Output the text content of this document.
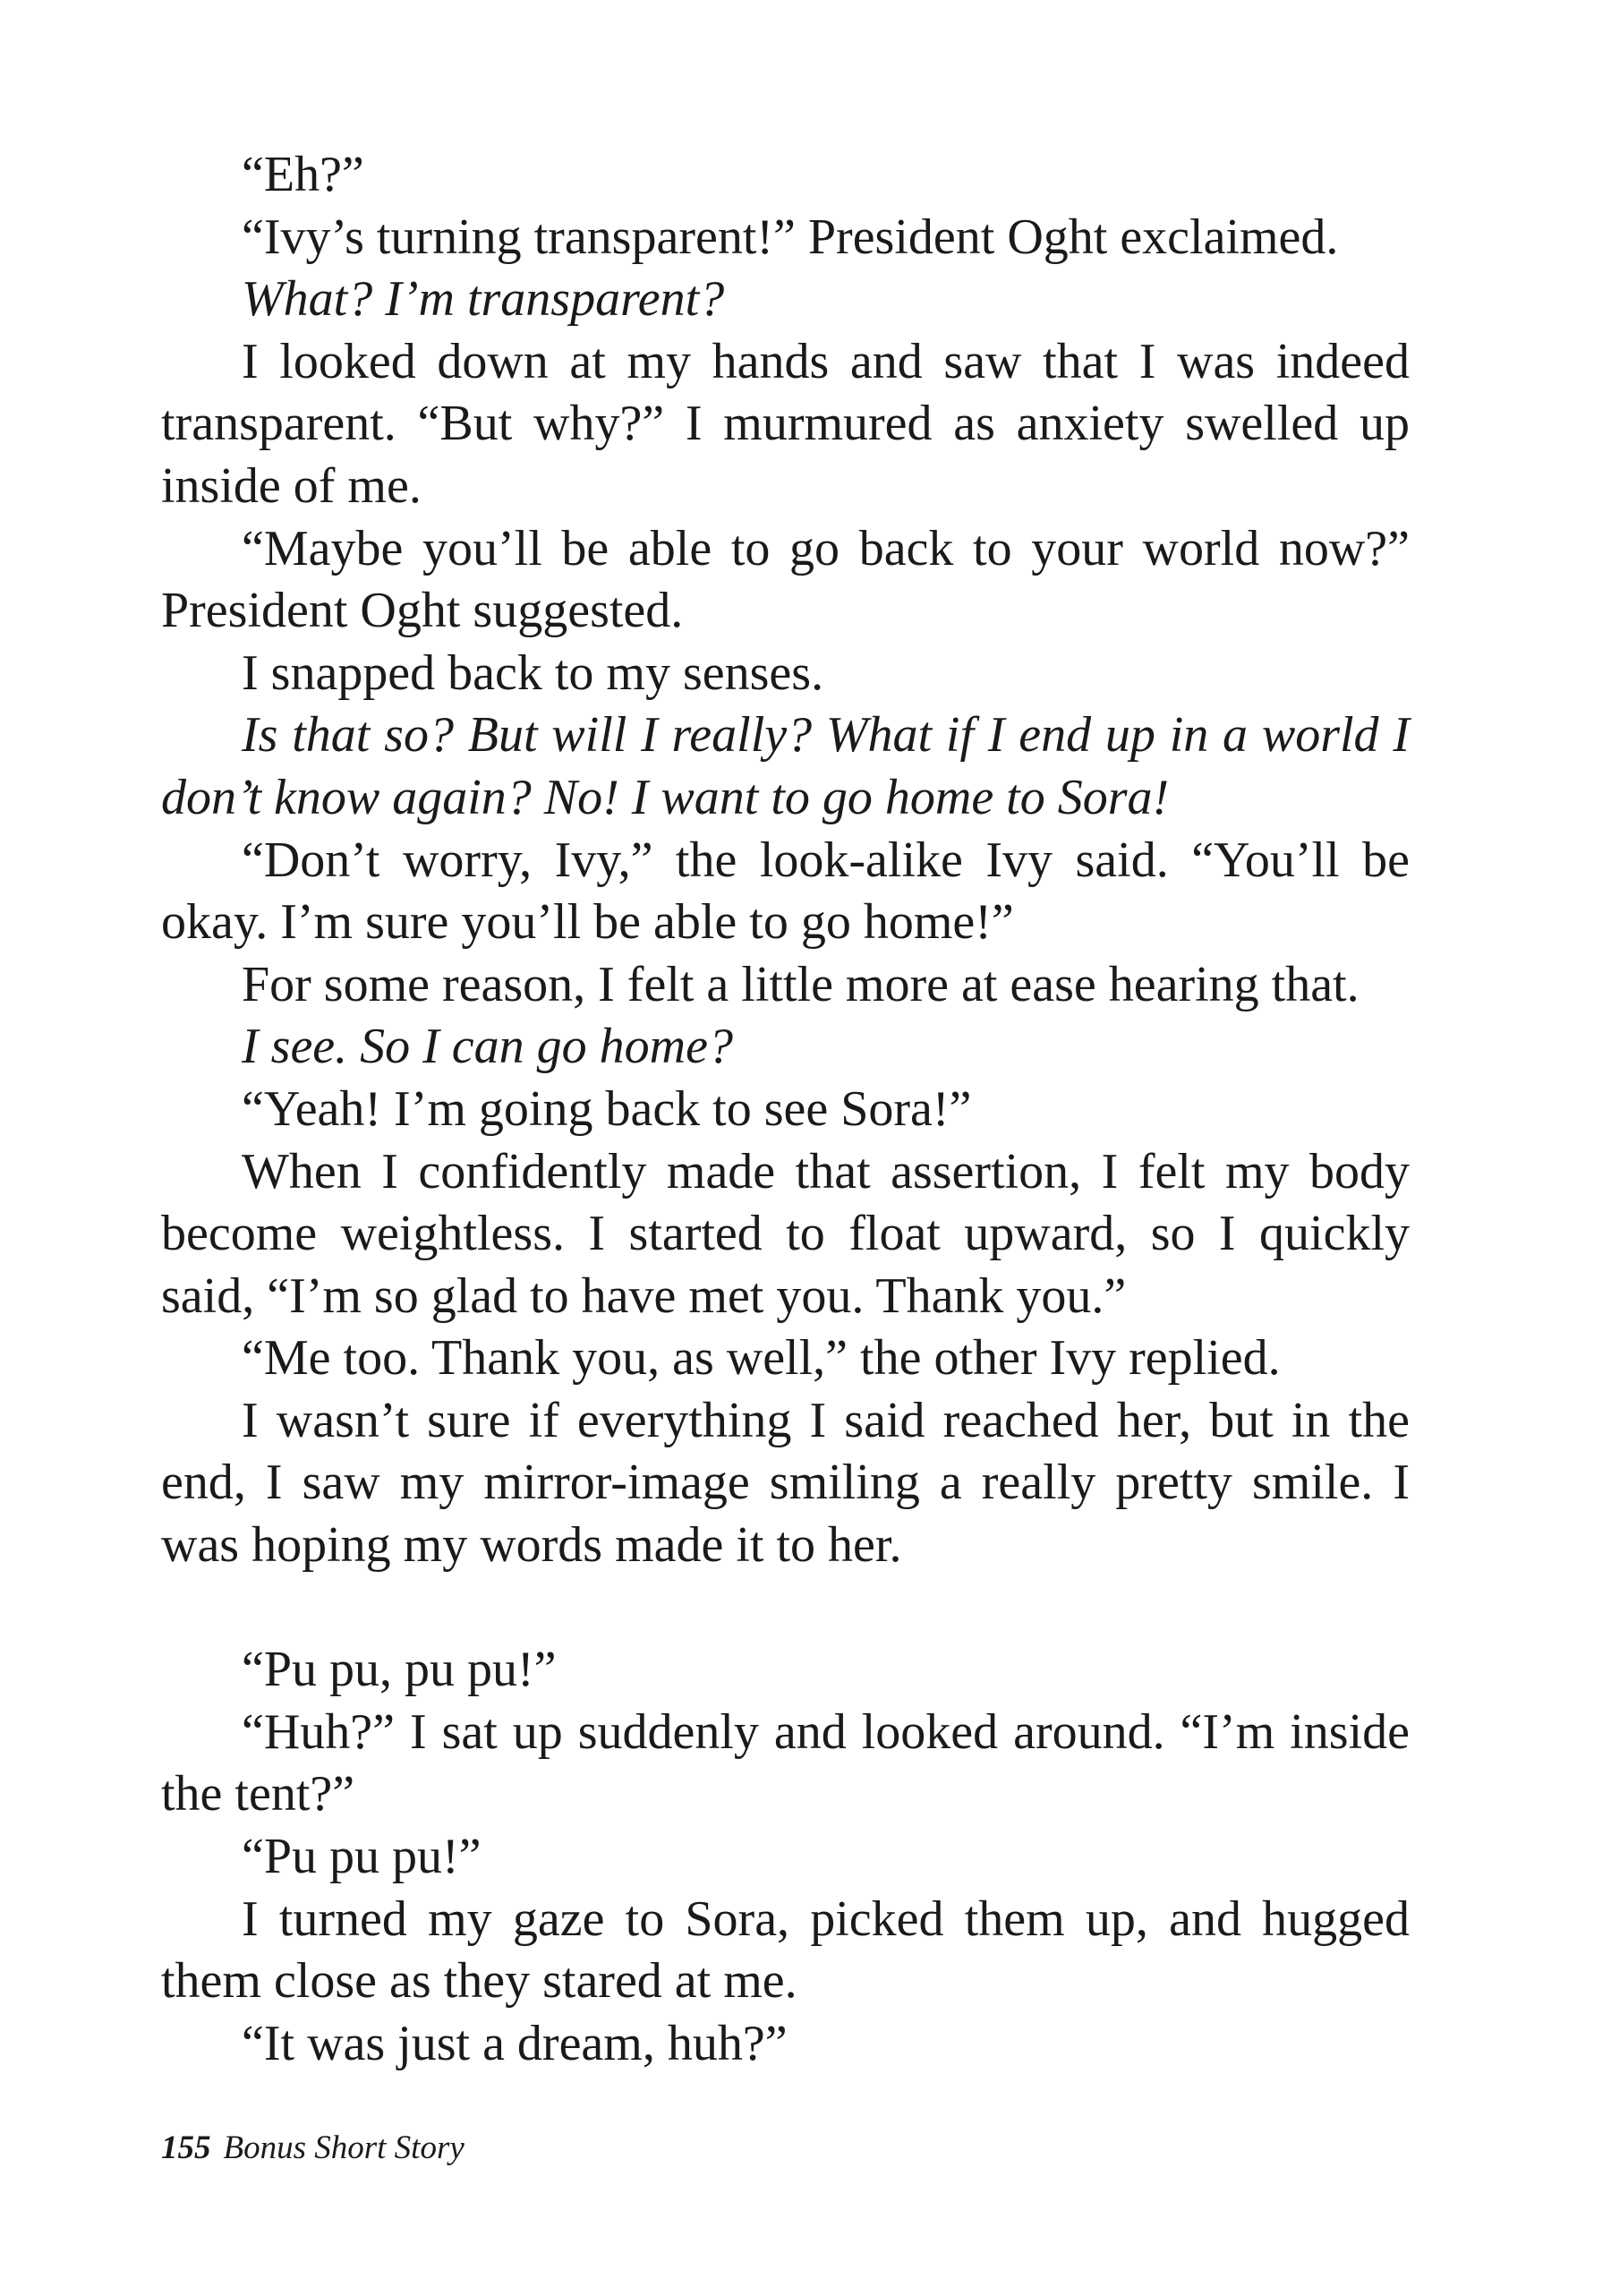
“Eh?”

“Ivy’s turning transparent!” President Oght exclaimed.

What? I’m transparent?

I looked down at my hands and saw that I was indeed transparent. “But why?” I murmured as anxiety swelled up inside of me.

“Maybe you’ll be able to go back to your world now?” President Oght suggested.

I snapped back to my senses.

Is that so? But will I really? What if I end up in a world I don’t know again? No! I want to go home to Sora!

“Don’t worry, Ivy,” the look-alike Ivy said. “You’ll be okay. I’m sure you’ll be able to go home!”

For some reason, I felt a little more at ease hearing that.

I see. So I can go home?

“Yeah! I’m going back to see Sora!”

When I confidently made that assertion, I felt my body become weightless. I started to float upward, so I quickly said, “I’m so glad to have met you. Thank you.”

“Me too. Thank you, as well,” the other Ivy replied.

I wasn’t sure if everything I said reached her, but in the end, I saw my mirror-image smiling a really pretty smile. I was hoping my words made it to her.

“Pu pu, pu pu!”

“Huh?” I sat up suddenly and looked around. “I’m inside the tent?”

“Pu pu pu!”

I turned my gaze to Sora, picked them up, and hugged them close as they stared at me.

“It was just a dream, huh?”

155 Bonus Short Story
